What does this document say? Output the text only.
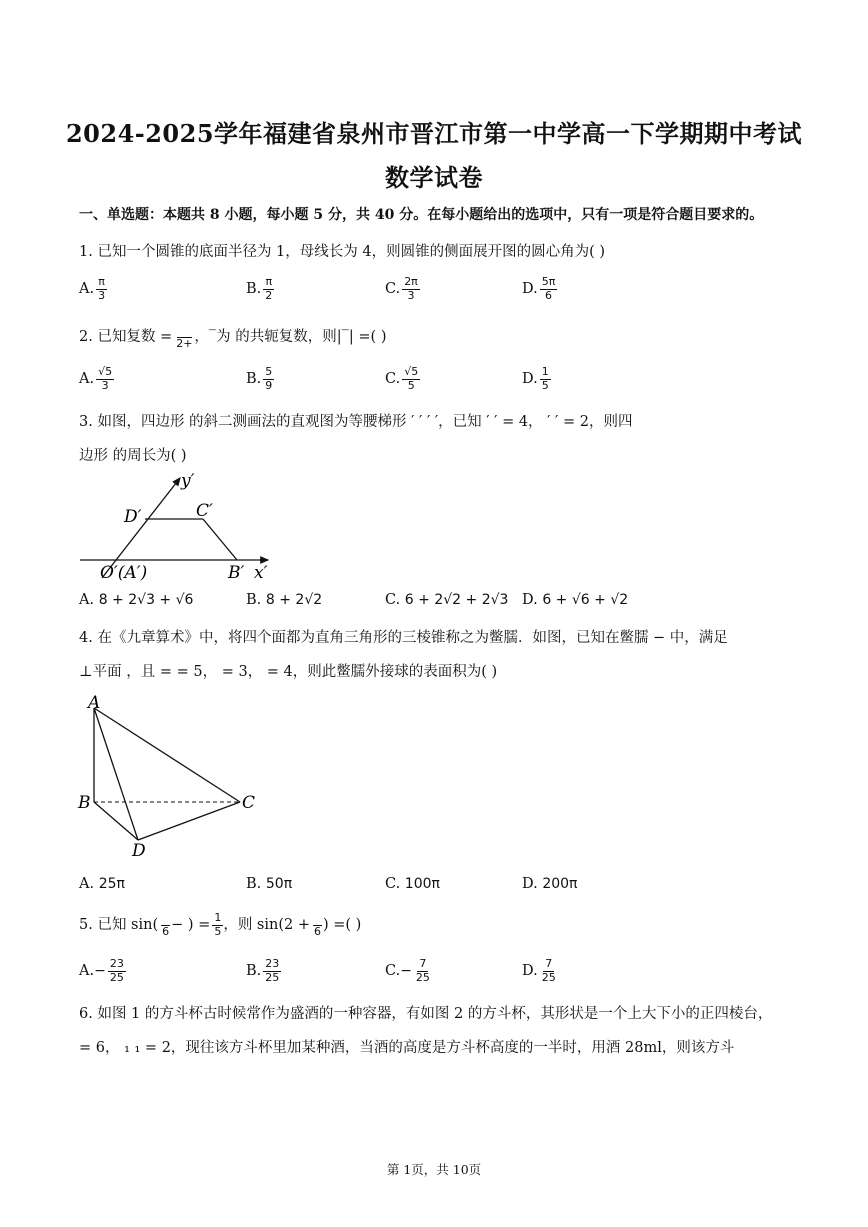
2024-2025学年福建省泉州市晋江市第一中学高一下学期期中考试
数学试卷
一、单选题：本题共 8 小题，每小题 5 分，共 40 分。在每小题给出的选项中，只有一项是符合题目要求的。
1. 已知一个圆锥的底面半径为 1，母线长为 4，则圆锥的侧面展开图的圆心角为( )
A. $\frac{\pi}{3}$	B. $\frac{\pi}{2}$	C. $\frac{2\pi}{3}$	D. $\frac{5\pi}{6}$
2. 已知复数 =
   2+ ，‾为 的共轭复数，则|‾| =( )
A. $\frac{√5}{3}$	B. $\frac{5}{9}$	C. $\frac{√5}{5}$	D. $\frac{1}{5}$
3. 如图，四边形 的斜二测画法的直观图为等腰梯形 ′ ′ ′ ′，已知 ′ ′ = 4， ′ ′ = 2，则四
边形 的周长为( )
y′
D′	C′
O′(A′)	B′ x′
A. 8 + 2√3 + √6	B. 8 + 2√2	C. 6 + 2√2 + 2√3 D. 6 + √6 + √2
4. 在《九章算术》中，将四个面都为直角三角形的三棱锥称之为鳖臑．如图，已知在鳖臑 − 中，满足
⊥平面 ，且 = = 5， = 3， = 4，则此鳖臑外接球的表面积为( )
A
B	C
D
A. 25π	B. 50π	C. 100π	D. 200π
5. 已知 sin(
  6 − ) = $\frac{1}{5}$ ，则 sin(2 +
  6 ) =( )
$A.- \frac{23}{25}$	B. $\frac{23}{25}$	$C.- \frac{7}{25}$	D. $\frac{7}{25}$
6. 如图 1 的方斗杯古时候常作为盛酒的一种容器，有如图 2 的方斗杯，其形状是一个上大下小的正四棱台，
= 6， ₁ ₁ = 2，现往该方斗杯里加某种酒，当酒的高度是方斗杯高度的一半时，用酒 28ml，则该方斗
第 1页，共 10页
